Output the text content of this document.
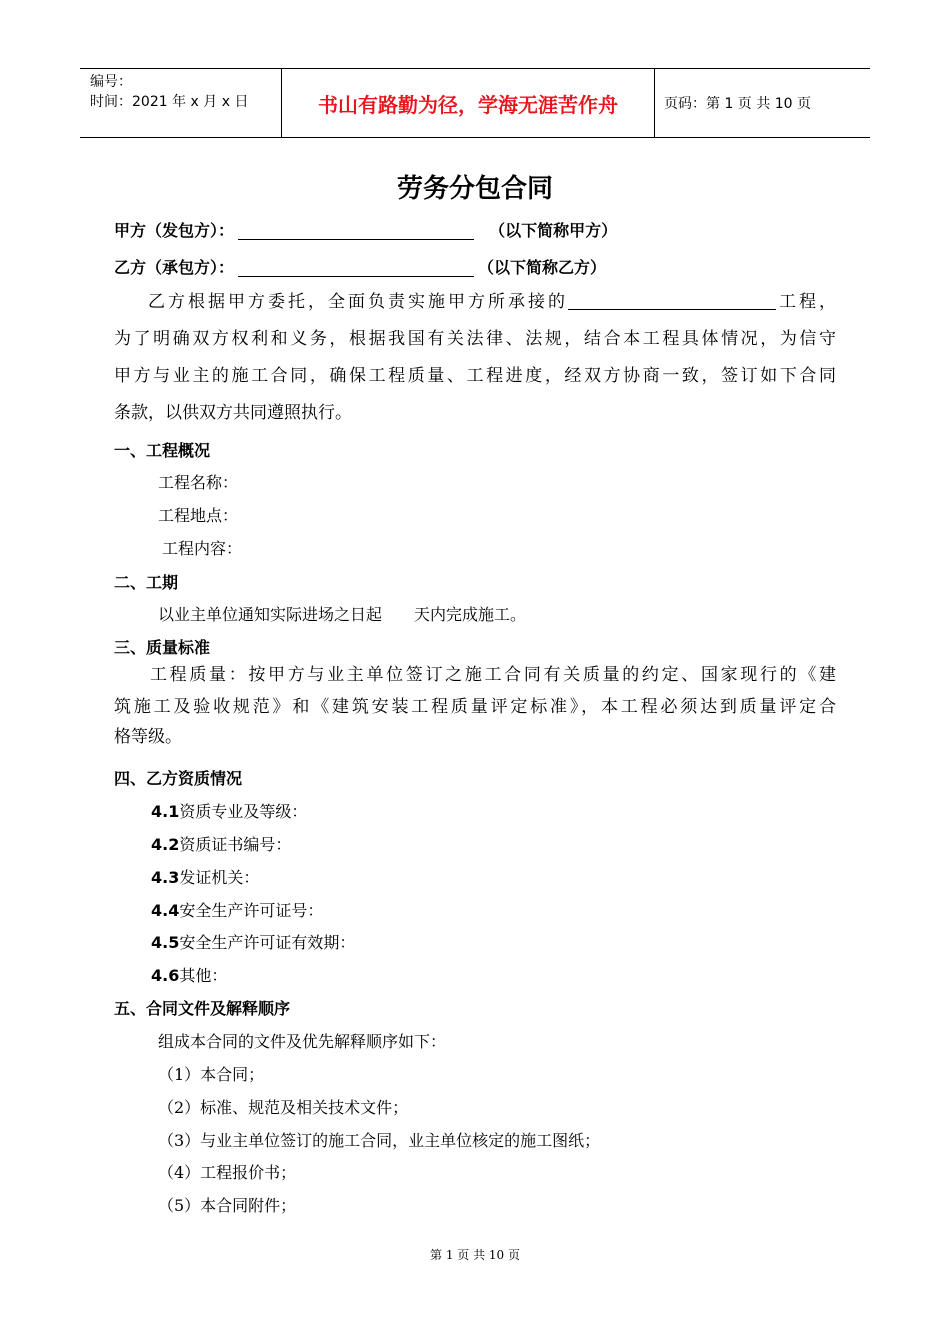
编号：
时间：2021 年 x 月 x 日	书山有路勤为径，学海无涯苦作舟	页码：第 1 页 共 10 页
劳务分包合同
甲方（发包方）：	（以下简称甲方）
乙方（承包方）：	（以下简称乙方）
乙方根据甲方委托，全面负责实施甲方所承接的	工程，
为了明确双方权利和义务，根据我国有关法律、法规，结合本工程具体情况，为信守
甲方与业主的施工合同，确保工程质量、工程进度，经双方协商一致，签订如下合同
条款，以供双方共同遵照执行。
一、工程概况
工程名称：
工程地点：
工程内容：
二、工期
以业主单位通知实际进场之日起　　天内完成施工。
三、质量标准
工程质量：按甲方与业主单位签订之施工合同有关质量的约定、国家现行的《建
筑施工及验收规范》和《建筑安装工程质量评定标准》，本工程必须达到质量评定合
格等级。
四、乙方资质情况
4.1资质专业及等级：
4.2资质证书编号：
4.3发证机关：
4.4安全生产许可证号：
4.5安全生产许可证有效期：
4.6其他：
五、合同文件及解释顺序
组成本合同的文件及优先解释顺序如下：
（1）本合同；
（2）标准、规范及相关技术文件；
（3）与业主单位签订的施工合同，业主单位核定的施工图纸；
（4）工程报价书；
（5）本合同附件；
第 1 页 共 10 页
